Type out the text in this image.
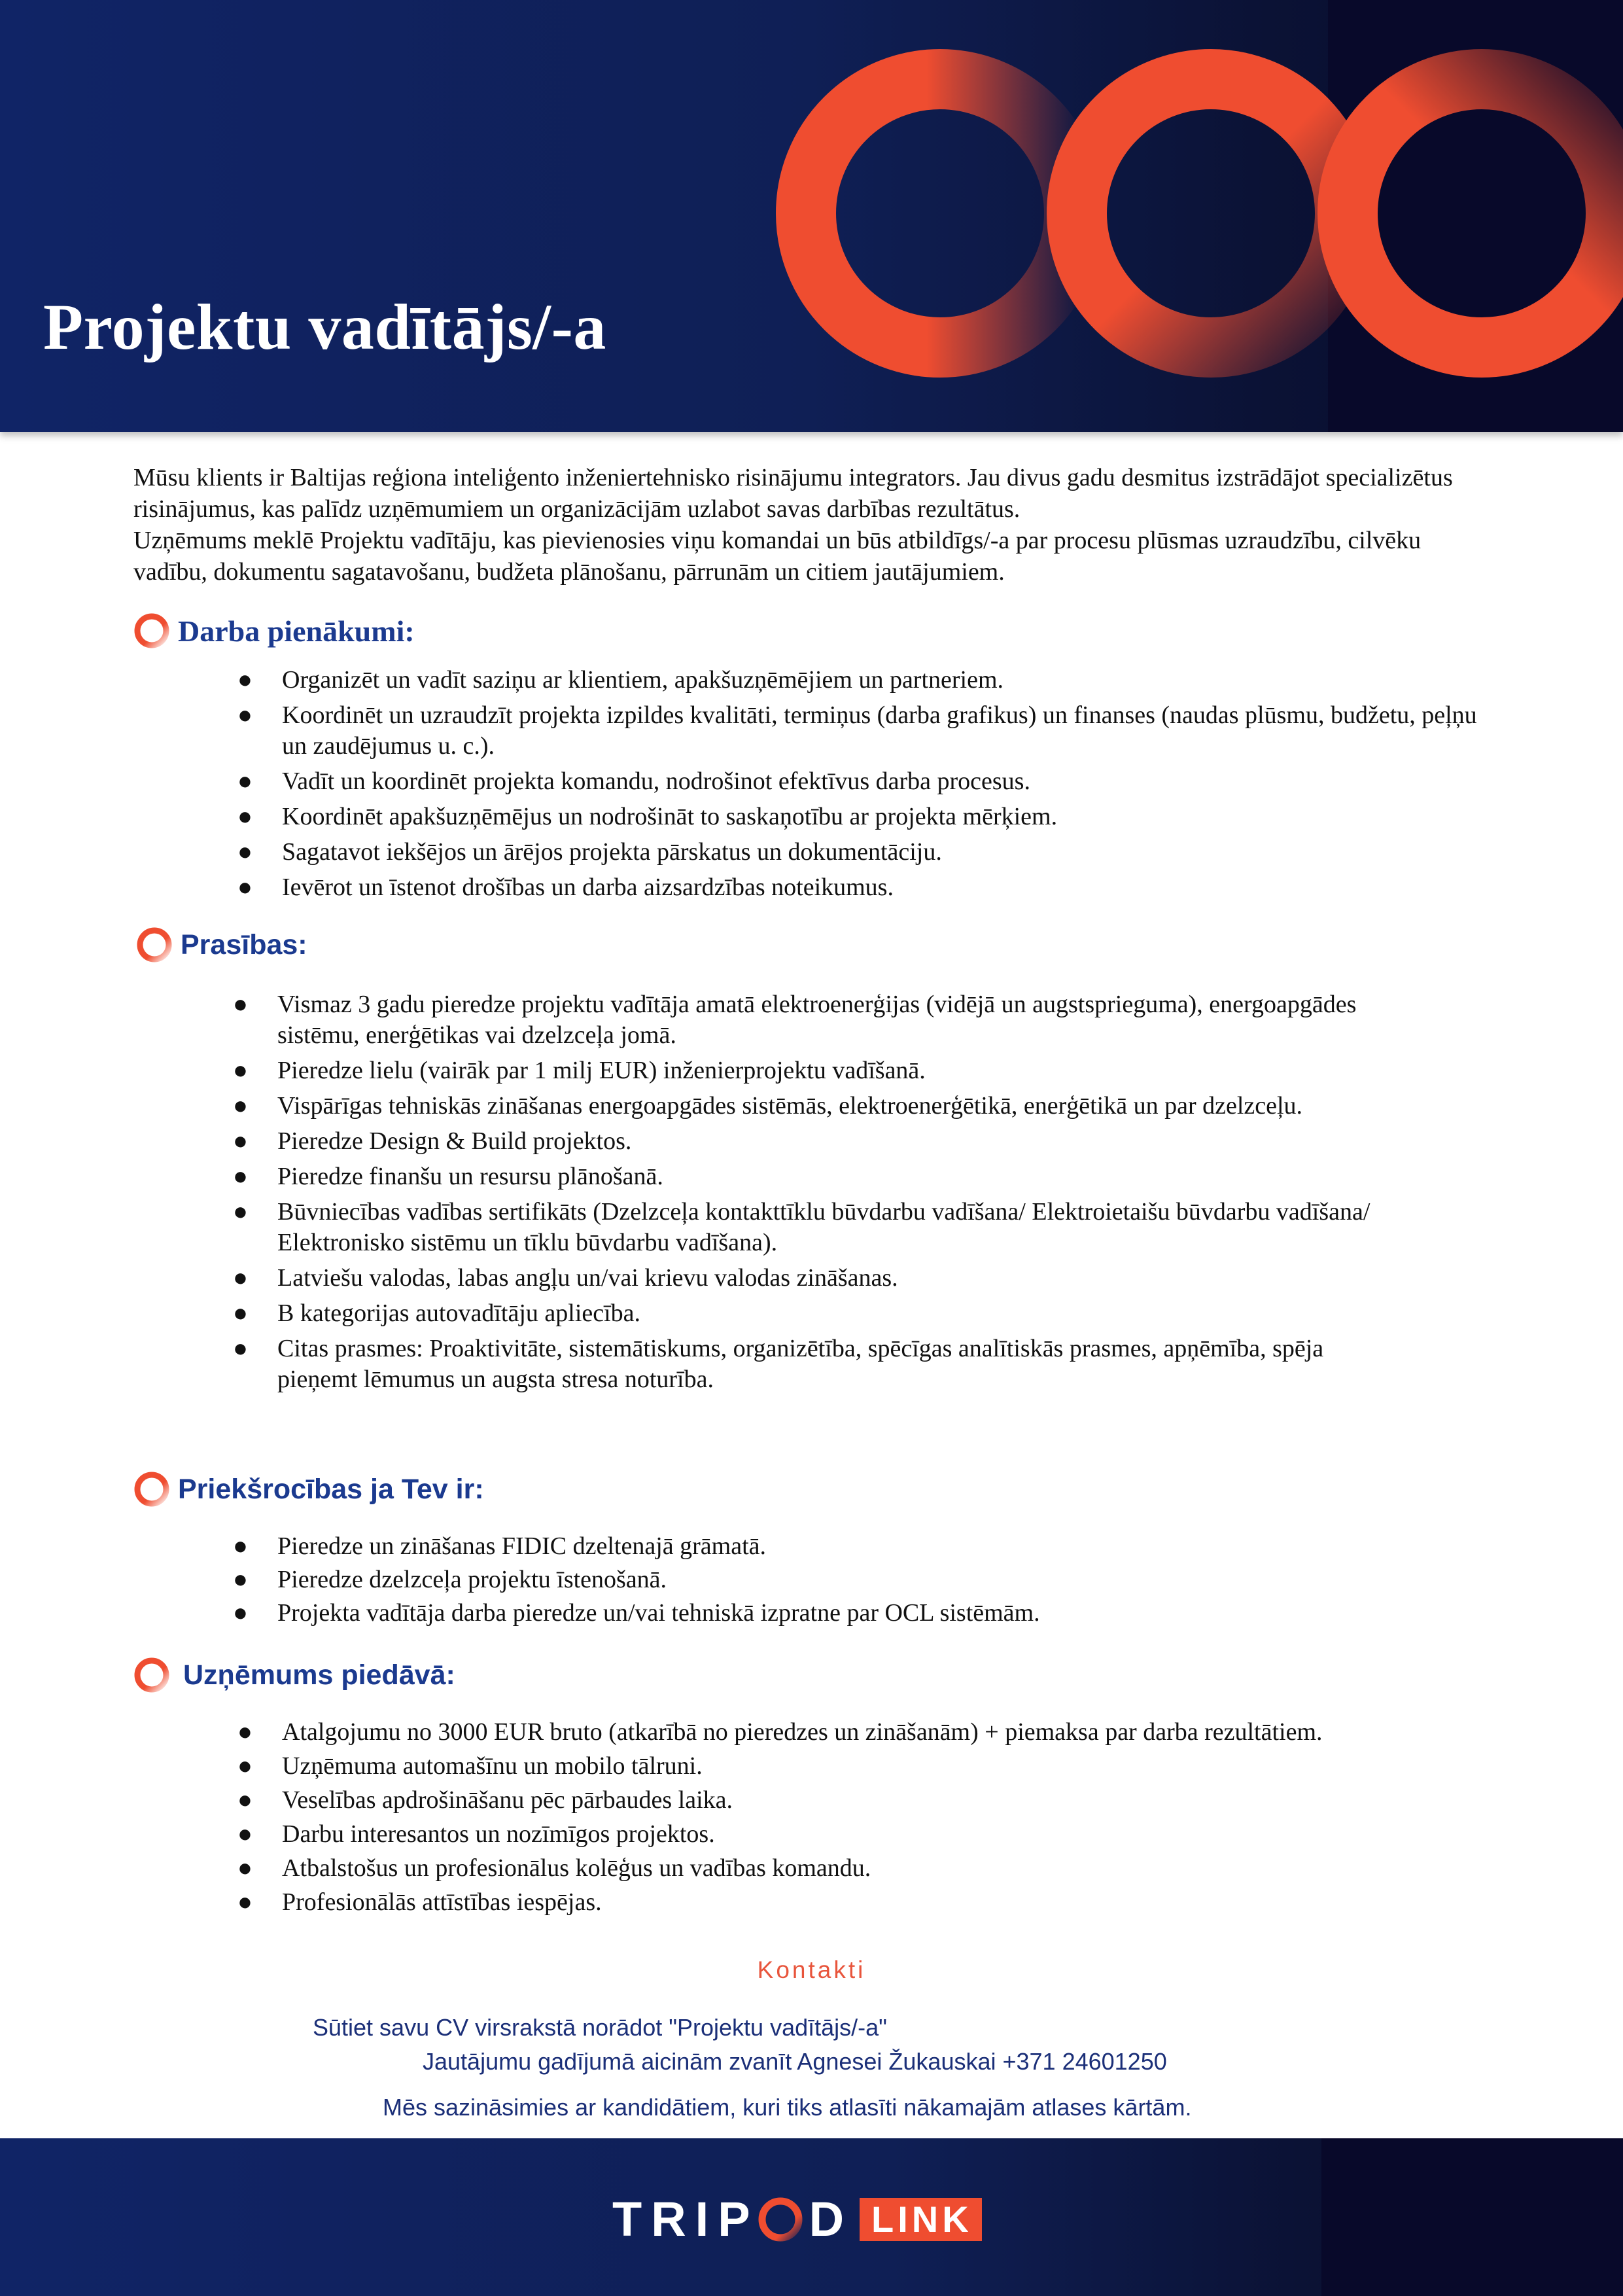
Projektu vadītājs/-a

Mūsu klients ir Baltijas reģiona inteliģento inženiertehnisko risinājumu integrators. Jau divus gadu desmitus izstrādājot specializētus risinājumus, kas palīdz uzņēmumiem un organizācijām uzlabot savas darbības rezultātus.

Uzņēmums meklē Projektu vadītāju, kas pievienosies viņu komandai un būs atbildīgs/-a par procesu plūsmas uzraudzību, cilvēku vadību, dokumentu sagatavošanu, budžeta plānošanu, pārrunām un citiem jautājumiem.

Darba pienākumi:
● Organizēt un vadīt saziņu ar klientiem, apakšuzņēmējiem un partneriem.
● Koordinēt un uzraudzīt projekta izpildes kvalitāti, termiņus (darba grafikus) un finanses (naudas plūsmu, budžetu, peļņu un zaudējumus u. c.).
● Vadīt un koordinēt projekta komandu, nodrošinot efektīvus darba procesus.
● Koordinēt apakšuzņēmējus un nodrošināt to saskaņotību ar projekta mērķiem.
● Sagatavot iekšējos un ārējos projekta pārskatus un dokumentāciju.
● Ievērot un īstenot drošības un darba aizsardzības noteikumus.
Prasības:
● Vismaz 3 gadu pieredze projektu vadītāja amatā elektroenerģijas (vidējā un augstsprieguma), energoapgādes sistēmu, enerģētikas vai dzelzceļa jomā.
● Pieredze lielu (vairāk par 1 milj EUR) inženierprojektu vadīšanā.
● Vispārīgas tehniskās zināšanas energoapgādes sistēmās, elektroenerģētikā, enerģētikā un par dzelzceļu.
● Pieredze Design & Build projektos.
● Pieredze finanšu un resursu plānošanā.
● Būvniecības vadības sertifikāts (Dzelzceļa kontakttīklu būvdarbu vadīšana/ Elektroietaišu būvdarbu vadīšana/ Elektronisko sistēmu un tīklu būvdarbu vadīšana).
● Latviešu valodas, labas angļu un/vai krievu valodas zināšanas.
● B kategorijas autovadītāju apliecība.
● Citas prasmes: Proaktivitāte, sistemātiskums, organizētība, spēcīgas analītiskās prasmes, apņēmība, spēja pieņemt lēmumus un augsta stresa noturība.
Priekšrocības ja Tev ir:
● Pieredze un zināšanas FIDIC dzeltenajā grāmatā.
● Pieredze dzelzceļa projektu īstenošanā.
● Projekta vadītāja darba pieredze un/vai tehniskā izpratne par OCL sistēmām.
Uzņēmums piedāvā:
● Atalgojumu no 3000 EUR bruto (atkarībā no pieredzes un zināšanām) + piemaksa par darba rezultātiem.
● Uzņēmuma automašīnu un mobilo tālruni.
● Veselības apdrošināšanu pēc pārbaudes laika.
● Darbu interesantos un nozīmīgos projektos.
● Atbalstošus un profesionālus kolēģus un vadības komandu.
● Profesionālās attīstības iespējas.
Kontakti
Sūtiet savu CV virsrakstā norādot "Projektu vadītājs/-a"
Jautājumu gadījumā aicinām zvanīt Agnesei Žukauskai +371 24601250
Mēs sazināsimies ar kandidātiem, kuri tiks atlasīti nākamajām atlases kārtām.
TRIP D LINK
